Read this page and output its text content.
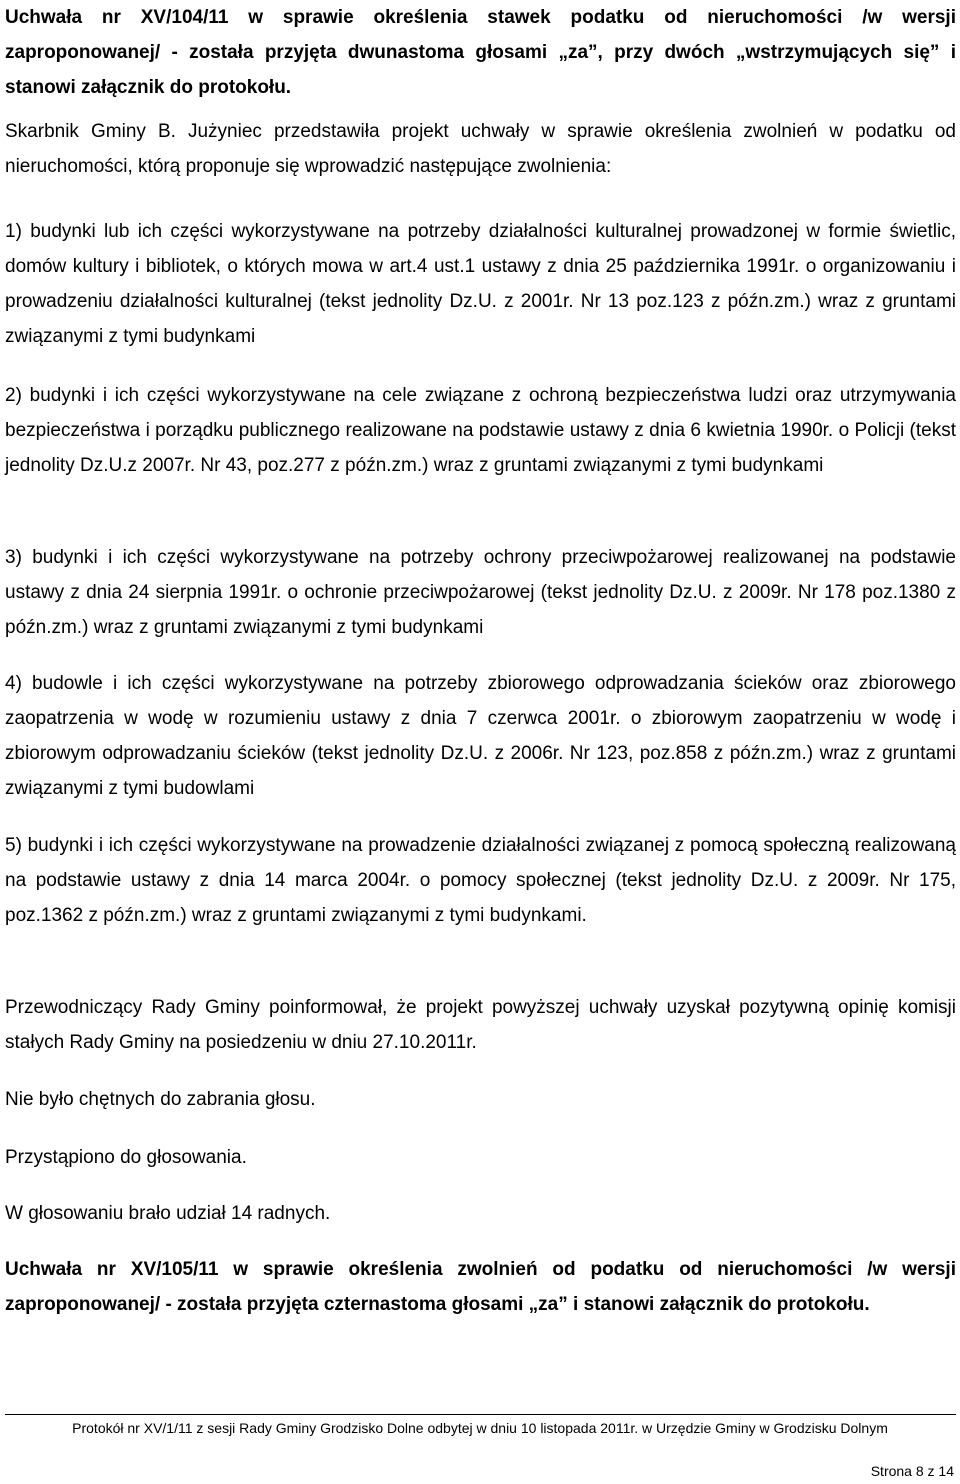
Uchwała nr XV/104/11 w sprawie określenia stawek podatku od nieruchomości /w wersji zaproponowanej/ - została przyjęta dwunastoma głosami „za”, przy dwóch „wstrzymujących się” i stanowi załącznik do protokołu.

Skarbnik Gminy B. Jużyniec przedstawiła projekt uchwały w sprawie określenia zwolnień w podatku od nieruchomości, którą proponuje się wprowadzić następujące zwolnienia:

1) budynki lub ich części wykorzystywane na potrzeby działalności kulturalnej prowadzonej w formie świetlic, domów kultury i bibliotek, o których mowa w art.4 ust.1 ustawy z dnia 25 października 1991r. o organizowaniu i prowadzeniu działalności kulturalnej (tekst jednolity Dz.U. z 2001r. Nr 13 poz.123 z późn.zm.) wraz z gruntami związanymi z tymi budynkami

2) budynki i ich części wykorzystywane na cele związane z ochroną bezpieczeństwa ludzi oraz utrzymywania bezpieczeństwa i porządku publicznego realizowane na podstawie ustawy z dnia 6 kwietnia 1990r. o Policji (tekst jednolity Dz.U.z 2007r. Nr 43, poz.277 z późn.zm.) wraz z gruntami związanymi z tymi budynkami

3) budynki i ich części wykorzystywane na potrzeby ochrony przeciwpożarowej realizowanej na podstawie ustawy z dnia 24 sierpnia 1991r. o ochronie przeciwpożarowej (tekst jednolity Dz.U. z 2009r. Nr 178 poz.1380 z późn.zm.) wraz z gruntami związanymi z tymi budynkami

4) budowle i ich części wykorzystywane na potrzeby zbiorowego odprowadzania ścieków oraz zbiorowego zaopatrzenia w wodę w rozumieniu ustawy z dnia 7 czerwca 2001r. o zbiorowym zaopatrzeniu w wodę i zbiorowym odprowadzaniu ścieków (tekst jednolity Dz.U. z 2006r. Nr 123, poz.858 z późn.zm.) wraz z gruntami związanymi z tymi budowlami

5) budynki i ich części wykorzystywane na prowadzenie działalności związanej z pomocą społeczną realizowaną na podstawie ustawy z dnia 14 marca 2004r. o pomocy społecznej (tekst jednolity Dz.U. z 2009r. Nr 175, poz.1362 z późn.zm.) wraz z gruntami związanymi z tymi budynkami.

Przewodniczący Rady Gminy poinformował, że projekt powyższej uchwały uzyskał pozytywną opinię komisji stałych Rady Gminy na posiedzeniu w dniu 27.10.2011r.

Nie było chętnych do zabrania głosu.

Przystąpiono do głosowania.

W głosowaniu brało udział 14 radnych.

Uchwała nr XV/105/11 w sprawie określenia zwolnień od podatku od nieruchomości /w wersji zaproponowanej/ - została przyjęta czternastoma głosami „za” i stanowi załącznik do protokołu.

Protokół nr XV/1/11 z sesji Rady Gminy Grodzisko Dolne odbytej w dniu 10 listopada 2011r. w Urzędzie Gminy w Grodzisku Dolnym
Strona 8 z 14
